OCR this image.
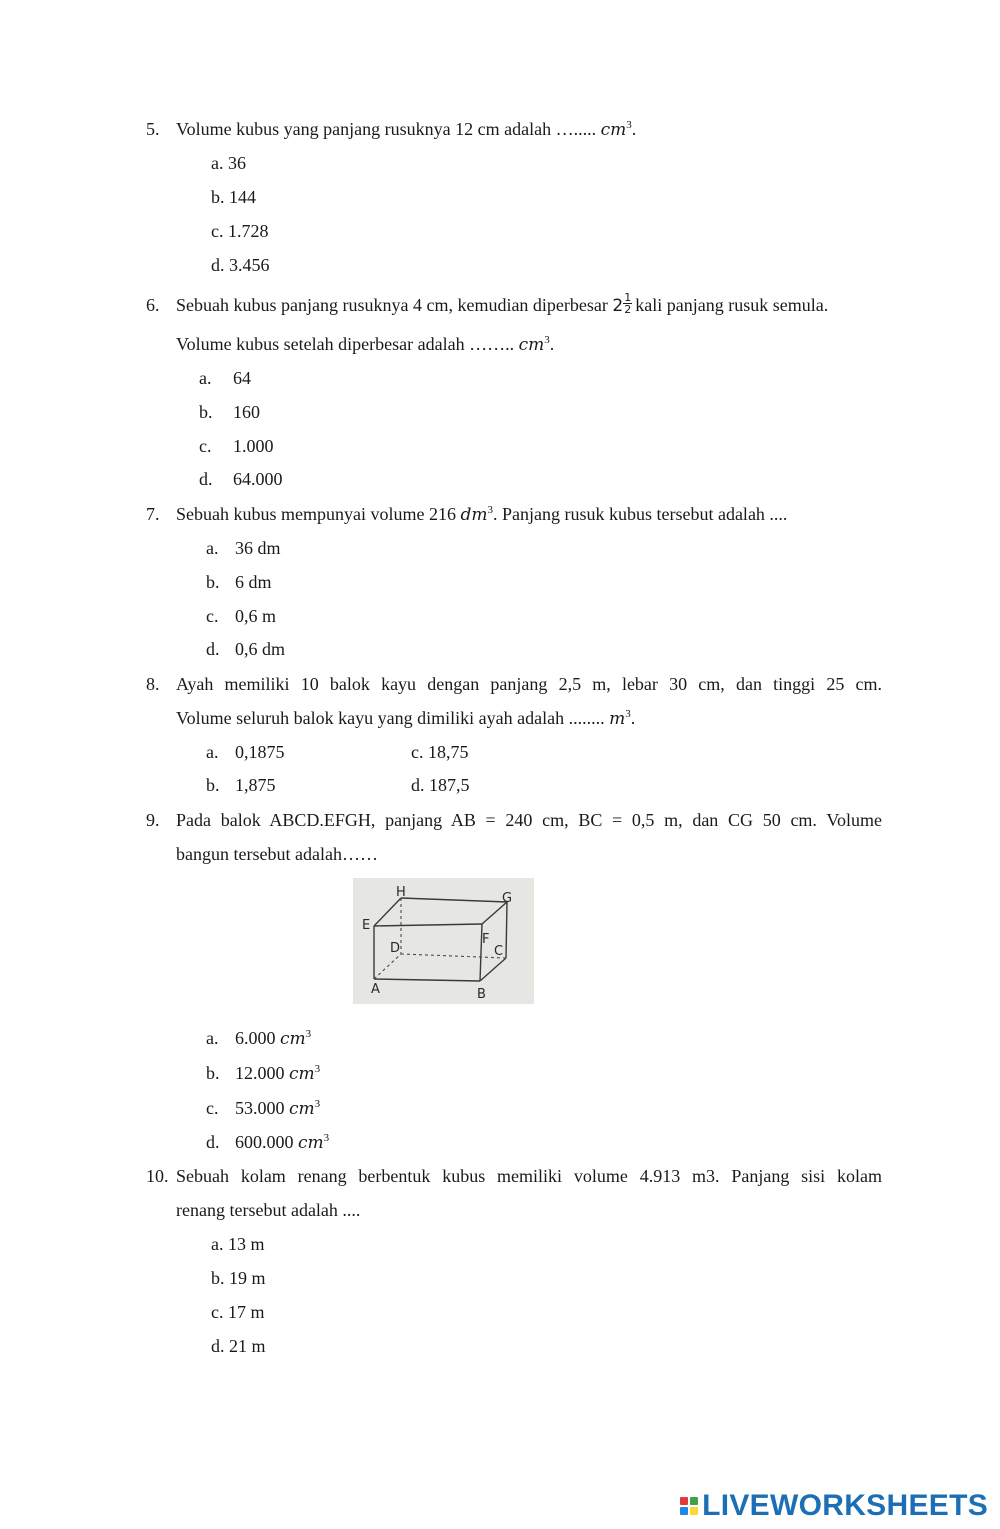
5. Volume kubus yang panjang rusuknya 12 cm adalah …..... $cm^3$.
a. 36
b. 144
c. 1.728
d. 3.456
6. Sebuah kubus panjang rusuknya 4 cm, kemudian diperbesar $2 \frac{1}{2}$ kali panjang rusuk semula.
Volume kubus setelah diperbesar adalah …….. $cm^3$.
a. 64
b. 160
c. 1.000
d. 64.000
7. Sebuah kubus mempunyai volume 216 $dm^3$. Panjang rusuk kubus tersebut adalah ....
a. 36 dm
b. 6 dm
c. 0,6 m
d. 0,6 dm
8. Ayah memiliki 10 balok kayu dengan panjang 2,5 m, lebar 30 cm, dan tinggi 25 cm.
Volume seluruh balok kayu yang dimiliki ayah adalah ........ $m^3$.
a. 0,1875	c. 18,75
b. 1,875	d. 187,5
9. Pada balok ABCD.EFGH, panjang AB = 240 cm, BC = 0,5 m, dan CG 50 cm. Volume
bangun tersebut adalah……
H	G
E
F
D	C
A	B
a. 6.000 $cm^3$
b. 12.000 $cm^3$
c. 53.000 $cm^3$
d. 600.000 $cm^3$
10. Sebuah kolam renang berbentuk kubus memiliki volume 4.913 m3. Panjang sisi kolam
renang tersebut adalah ....
a. 13 m
b. 19 m
c. 17 m
d. 21 m
LIVEWORKSHEETS
